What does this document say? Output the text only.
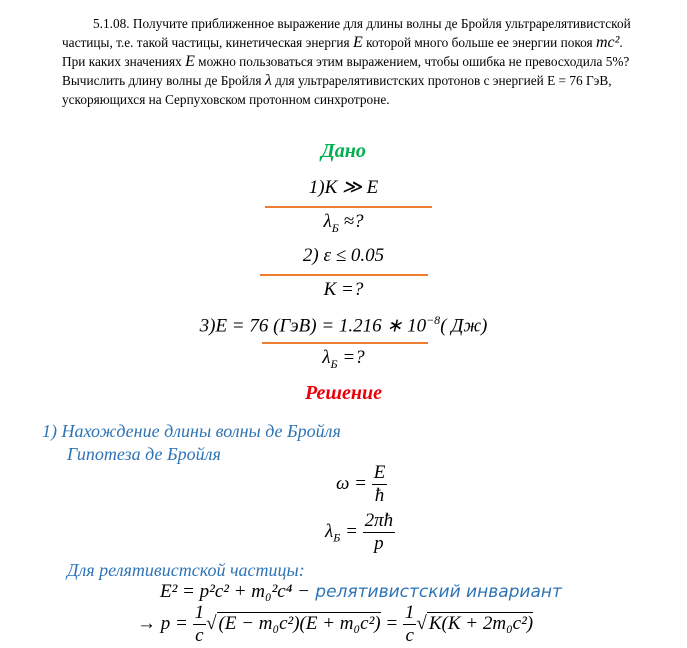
5.1.08. Получите приближенное выражение для длины волны де Бройля ультрарелятивистской
частицы, т.е. такой частицы, кинетическая энергия E которой много больше ее энергии покоя mc².
При каких значениях E можно пользоваться этим выражением, чтобы ошибка не превосходила 5%?
Вычислить длину волны де Бройля λ для ультрарелятивистских протонов с энергией E = 76 ГэВ,
ускоряющихся на Серпуховском протонном синхротроне.
Дано
1)K ≫ E
$\lambda_Б$ ≈?
2) ε ≤ 0.05
K =?
3)E = 76 (ГэВ) = 1.216 ∗ $10^{-8}$( Дж)
$\lambda_Б$ =?
Решение
1) Нахождение длины волны де Бройля
Гипотеза де Бройля
$\omega = \frac{E}{ħ}$
$\lambda_Б = \frac{2\pi ħ}{p}$
Для релятивистской частицы:
E² = p²c² + m₀²c⁴ − релятивистский инвариант
→ $p = \frac{1}{c}$ √ $(E - m_0c^2)(E + m_0c^2) = \frac{1}{c}$ √ K(K + 2m₀c²)
